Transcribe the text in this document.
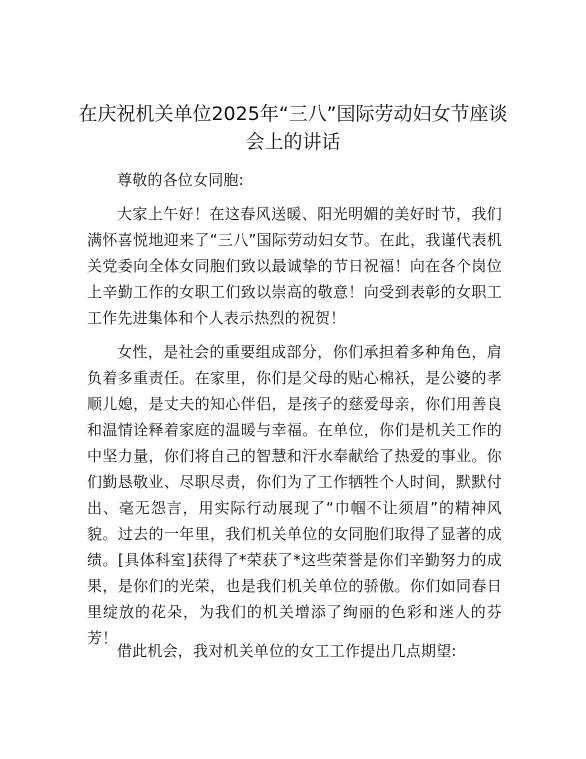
在庆祝机关单位2025年“三八”国际劳动妇女节座谈会上的讲话

尊敬的各位女同胞:

大家上午好！在这春风送暖、阳光明媚的美好时节，我们满怀喜悦地迎来了“三八”国际劳动妇女节。在此，我谨代表机关党委向全体女同胞们致以最诚挚的节日祝福！向在各个岗位上辛勤工作的女职工们致以崇高的敬意！向受到表彰的女职工工作先进集体和个人表示热烈的祝贺！

女性，是社会的重要组成部分，你们承担着多种角色，肩负着多重责任。在家里，你们是父母的贴心棉袄，是公婆的孝顺儿媳，是丈夫的知心伴侣，是孩子的慈爱母亲，你们用善良和温情诠释着家庭的温暖与幸福。在单位，你们是机关工作的中坚力量，你们将自己的智慧和汗水奉献给了热爱的事业。你们勤恳敬业、尽职尽责，你们为了工作牺牲个人时间，默默付出、毫无怨言，用实际行动展现了“巾帼不让须眉”的精神风貌。过去的一年里，我们机关单位的女同胞们取得了显著的成绩。[具体科室]获得了*荣获了*这些荣誉是你们辛勤努力的成果，是你们的光荣，也是我们机关单位的骄傲。你们如同春日里绽放的花朵，为我们的机关增添了绚丽的色彩和迷人的芬芳！

借此机会，我对机关单位的女工工作提出几点期望:
